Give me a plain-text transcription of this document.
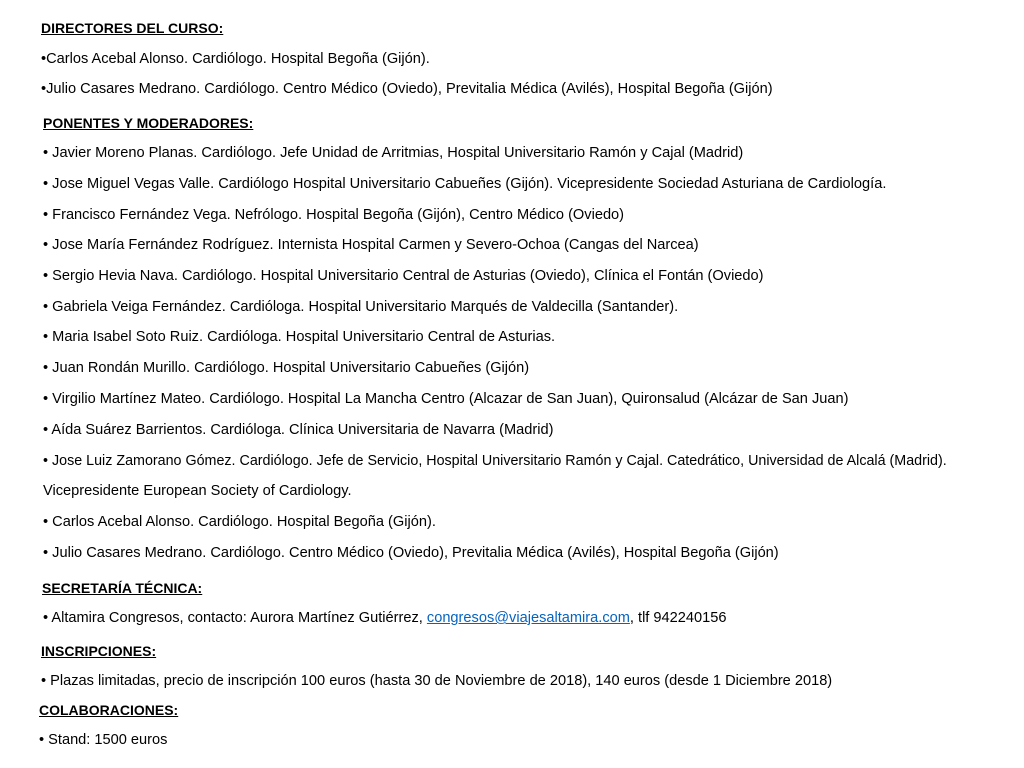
DIRECTORES DEL CURSO:
•Carlos Acebal Alonso. Cardiólogo. Hospital Begoña (Gijón).
•Julio Casares Medrano. Cardiólogo. Centro Médico (Oviedo), Previtalia Médica (Avilés), Hospital Begoña (Gijón)
PONENTES Y MODERADORES:
• Javier Moreno Planas. Cardiólogo. Jefe Unidad de Arritmias, Hospital Universitario Ramón y Cajal (Madrid)
• Jose Miguel Vegas Valle. Cardiólogo Hospital Universitario Cabueñes (Gijón). Vicepresidente Sociedad Asturiana de Cardiología.
• Francisco Fernández Vega. Nefrólogo. Hospital Begoña (Gijón), Centro Médico (Oviedo)
• Jose María Fernández Rodríguez. Internista Hospital Carmen y Severo-Ochoa (Cangas del Narcea)
• Sergio Hevia Nava. Cardiólogo. Hospital Universitario Central de Asturias (Oviedo), Clínica el Fontán (Oviedo)
• Gabriela Veiga Fernández. Cardióloga. Hospital Universitario Marqués de Valdecilla (Santander).
• Maria Isabel Soto Ruiz. Cardióloga. Hospital Universitario Central de Asturias.
• Juan Rondán Murillo. Cardiólogo. Hospital Universitario Cabueñes (Gijón)
• Virgilio Martínez Mateo. Cardiólogo. Hospital La Mancha Centro (Alcazar de San Juan), Quironsalud (Alcázar de San Juan)
• Aída Suárez Barrientos. Cardióloga. Clínica Universitaria de Navarra (Madrid)
• Jose Luiz Zamorano Gómez. Cardiólogo. Jefe de Servicio, Hospital Universitario Ramón y Cajal. Catedrático, Universidad de Alcalá (Madrid).
Vicepresidente European Society of Cardiology.
• Carlos Acebal Alonso. Cardiólogo. Hospital Begoña (Gijón).
• Julio Casares Medrano. Cardiólogo. Centro Médico (Oviedo), Previtalia Médica (Avilés), Hospital Begoña (Gijón)
SECRETARÍA TÉCNICA:
• Altamira Congresos, contacto: Aurora Martínez Gutiérrez, congresos@viajesaltamira.com, tlf 942240156
INSCRIPCIONES:
• Plazas limitadas, precio de inscripción 100 euros (hasta 30 de Noviembre de 2018), 140 euros (desde 1 Diciembre 2018)
COLABORACIONES:
• Stand: 1500 euros
